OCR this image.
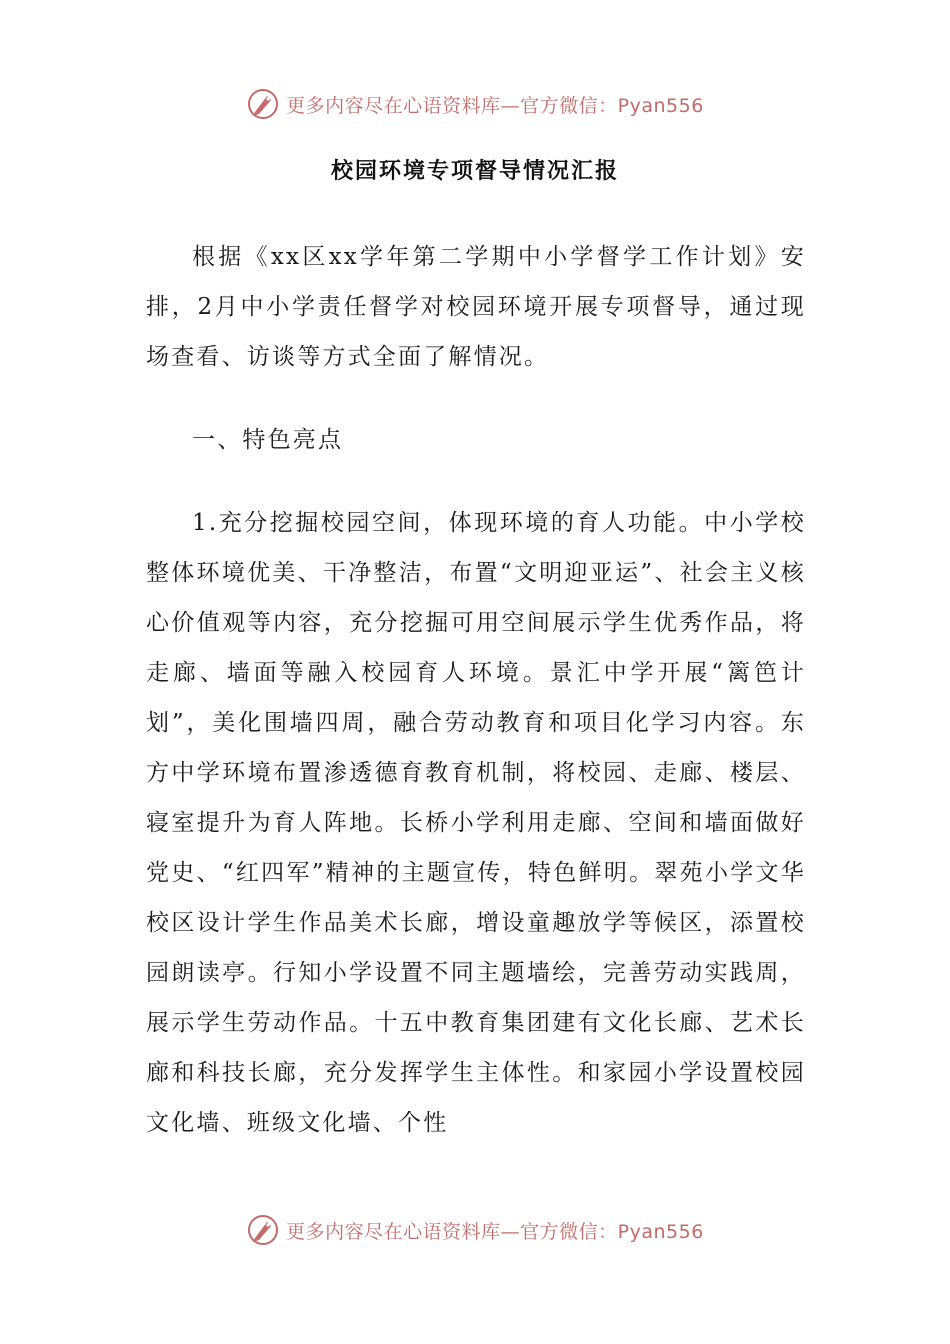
更多内容尽在心语资料库—官方微信：Pyan556
校园环境专项督导情况汇报

根据《xx区xx学年第二学期中小学督学工作计划》安排，2月中小学责任督学对校园环境开展专项督导，通过现场查看、访谈等方式全面了解情况。

一、特色亮点

1.充分挖掘校园空间，体现环境的育人功能。中小学校整体环境优美、干净整洁，布置“文明迎亚运”、社会主义核心价值观等内容，充分挖掘可用空间展示学生优秀作品，将走廊、墙面等融入校园育人环境。景汇中学开展“篱笆计划”，美化围墙四周，融合劳动教育和项目化学习内容。东方中学环境布置渗透德育教育机制，将校园、走廊、楼层、寝室提升为育人阵地。长桥小学利用走廊、空间和墙面做好党史、“红四军”精神的主题宣传，特色鲜明。翠苑小学文华校区设计学生作品美术长廊，增设童趣放学等候区，添置校园朗读亭。行知小学设置不同主题墙绘，完善劳动实践周，展示学生劳动作品。十五中教育集团建有文化长廊、艺术长廊和科技长廊，充分发挥学生主体性。和家园小学设置校园文化墙、班级文化墙、个性

更多内容尽在心语资料库—官方微信：Pyan556
